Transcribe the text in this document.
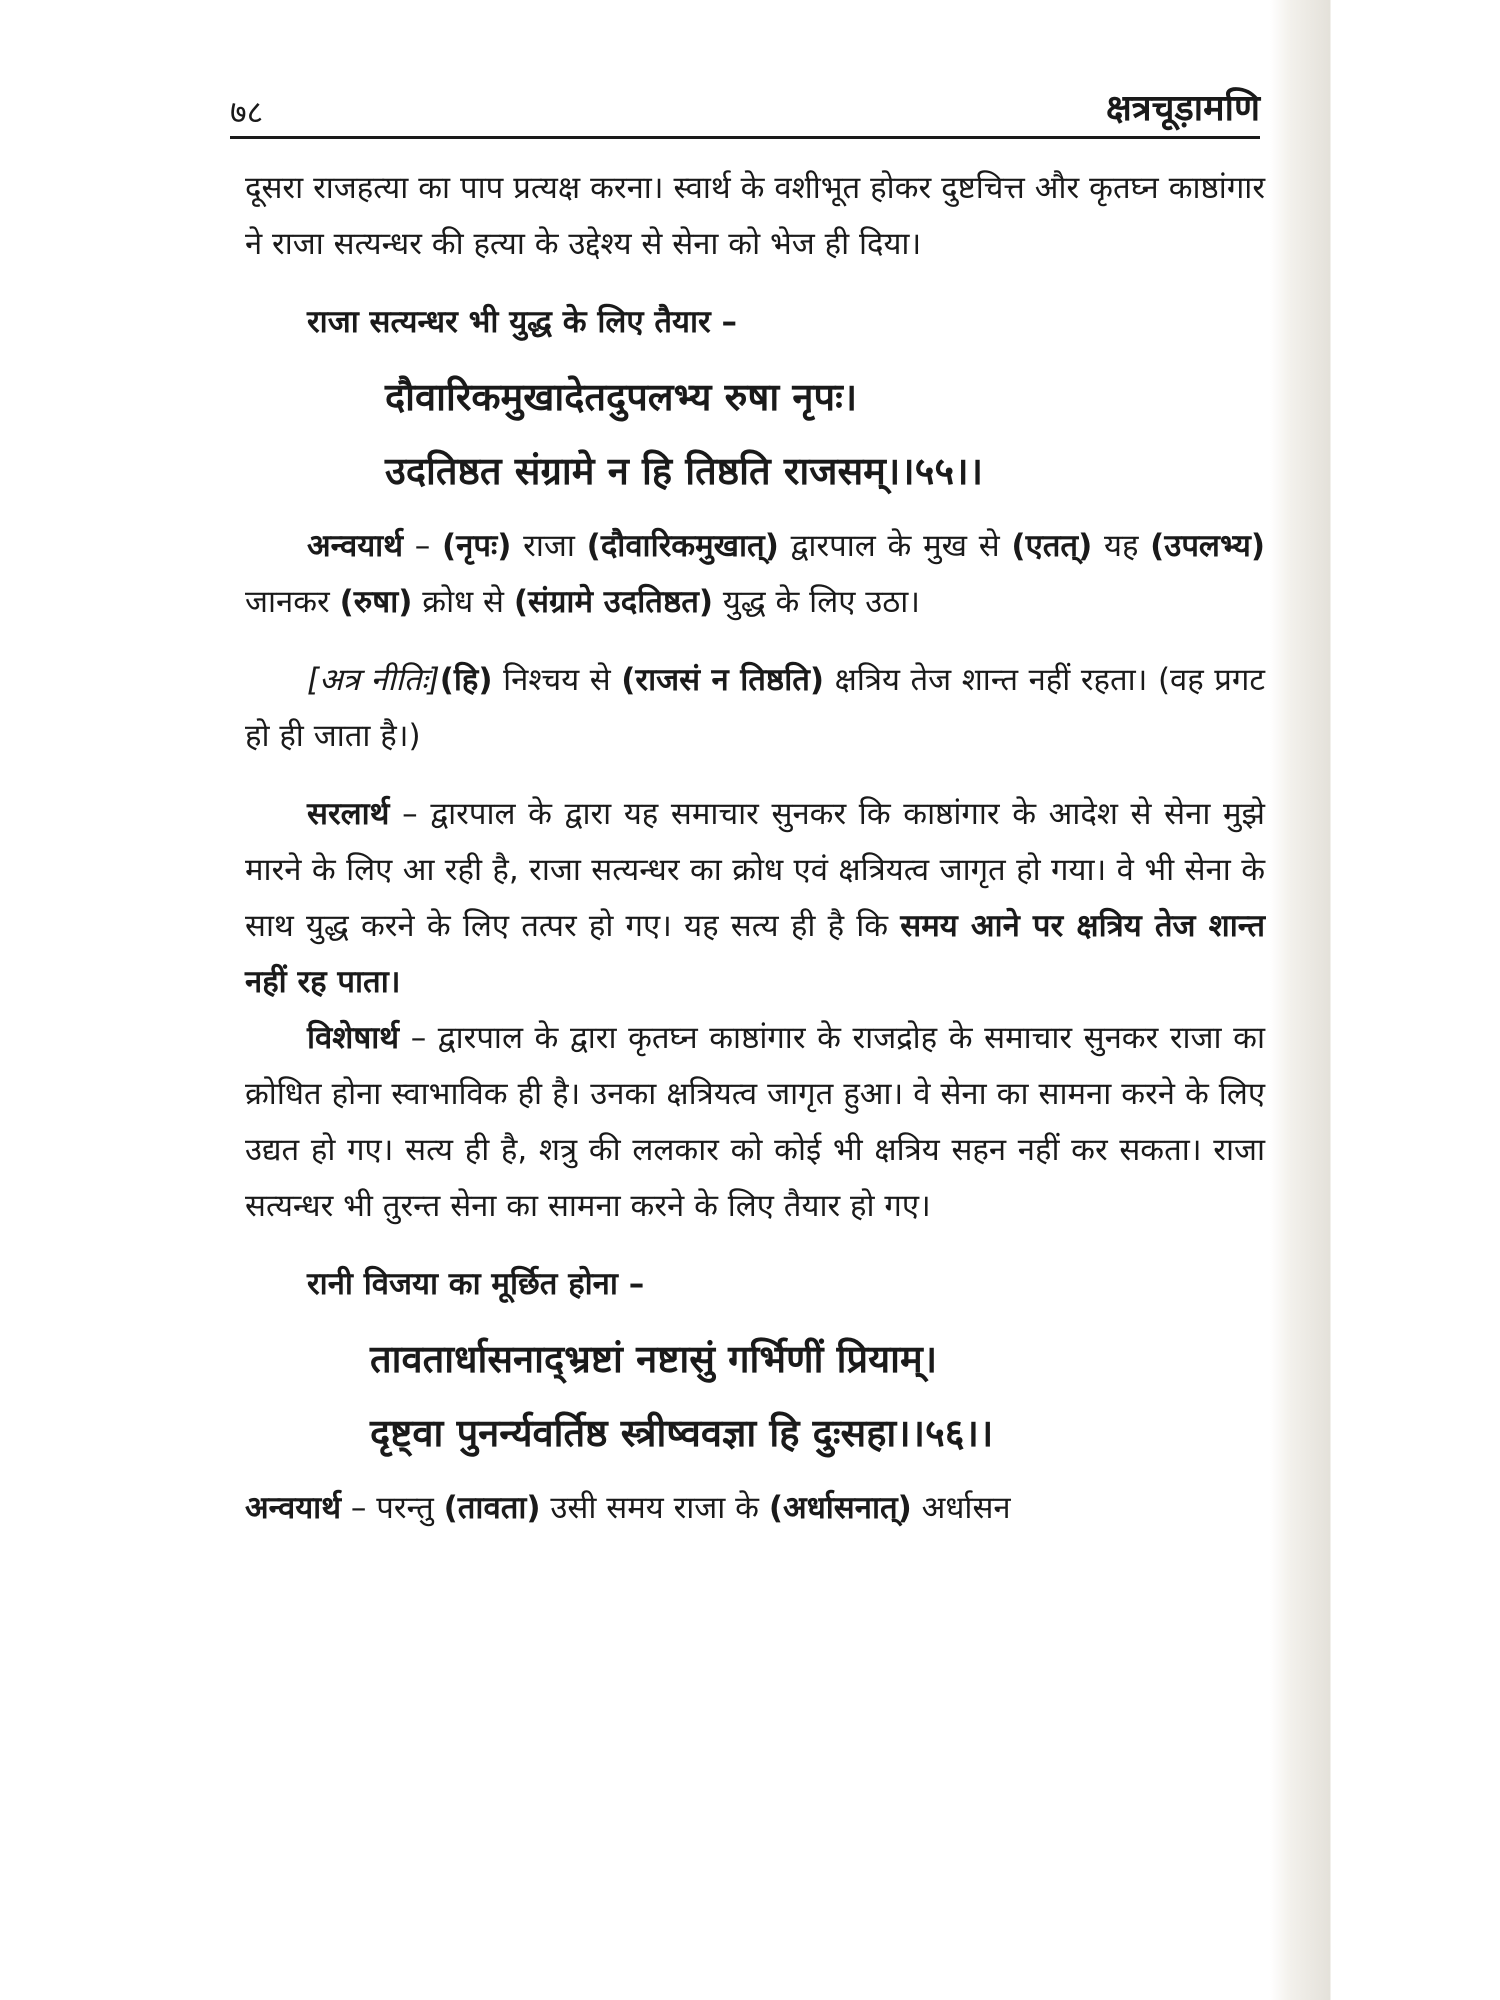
७८	क्षत्रचूड़ामणि

दूसरा राजहत्या का पाप प्रत्यक्ष करना। स्वार्थ के वशीभूत होकर दुष्टचित्त और कृतघ्न काष्ठांगार ने राजा सत्यन्धर की हत्या के उद्देश्य से सेना को भेज ही दिया।

राजा सत्यन्धर भी युद्ध के लिए तैयार –
दौवारिकमुखादेतदुपलभ्य रुषा नृपः।
उदतिष्ठत संग्रामे न हि तिष्ठति राजसम्।।५५।।

अन्वयार्थ – (नृपः) राजा (दौवारिकमुखात्) द्वारपाल के मुख से (एतत्) यह (उपलभ्य) जानकर (रुषा) क्रोध से (संग्रामे उदतिष्ठत) युद्ध के लिए उठा।

[अत्र नीतिः](हि) निश्चय से (राजसं न तिष्ठति) क्षत्रिय तेज शान्त नहीं रहता। (वह प्रगट हो ही जाता है।)

सरलार्थ – द्वारपाल के द्वारा यह समाचार सुनकर कि काष्ठांगार के आदेश से सेना मुझे मारने के लिए आ रही है, राजा सत्यन्धर का क्रोध एवं क्षत्रियत्व जागृत हो गया। वे भी सेना के साथ युद्ध करने के लिए तत्पर हो गए। यह सत्य ही है कि समय आने पर क्षत्रिय तेज शान्त नहीं रह पाता।

विशेषार्थ – द्वारपाल के द्वारा कृतघ्न काष्ठांगार के राजद्रोह के समाचार सुनकर राजा का क्रोधित होना स्वाभाविक ही है। उनका क्षत्रियत्व जागृत हुआ। वे सेना का सामना करने के लिए उद्यत हो गए। सत्य ही है, शत्रु की ललकार को कोई भी क्षत्रिय सहन नहीं कर सकता। राजा सत्यन्धर भी तुरन्त सेना का सामना करने के लिए तैयार हो गए।

रानी विजया का मूर्छित होना –
तावतार्धासनाद्भ्रष्टां नष्टासुं गर्भिणीं प्रियाम्।
दृष्ट्वा पुनर्न्यवर्तिष्ठ स्त्रीष्ववज्ञा हि दुःसहा।।५६।।

अन्वयार्थ – परन्तु (तावता) उसी समय राजा के (अर्धासनात्) अर्धासन
